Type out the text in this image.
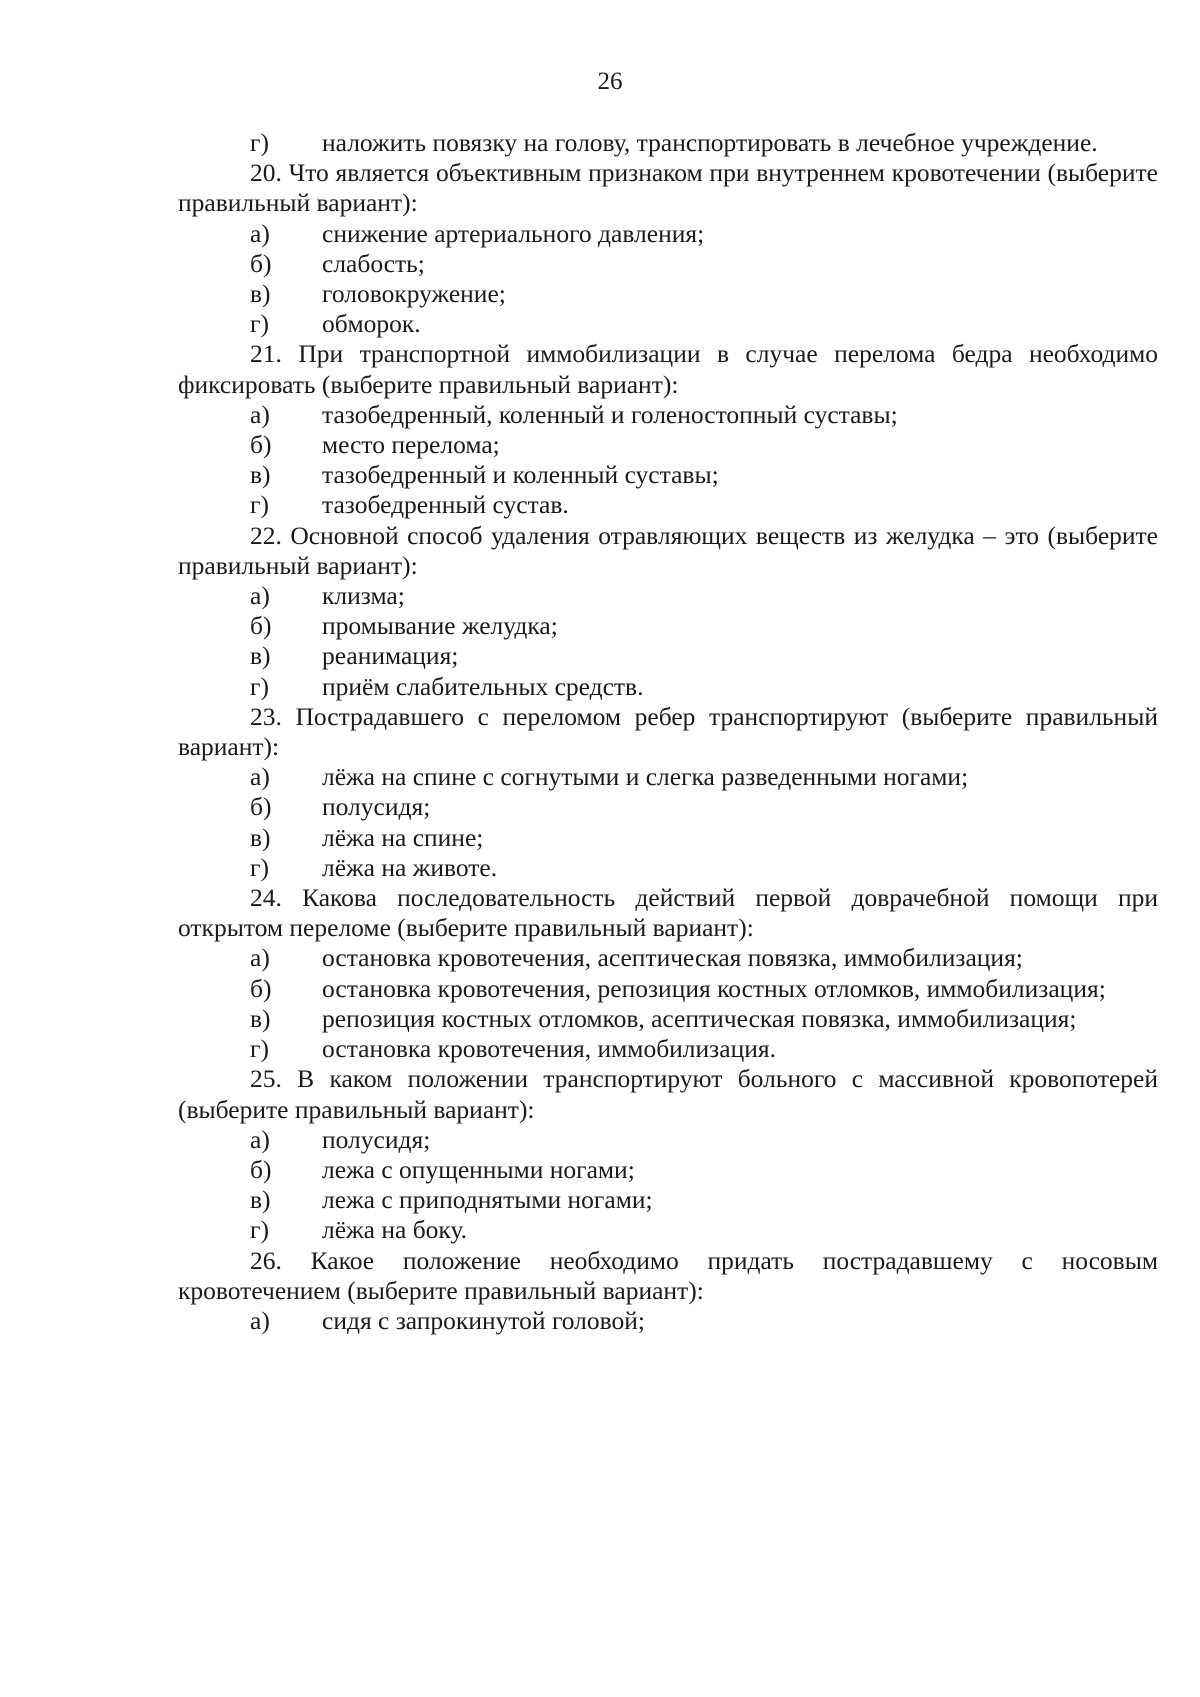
26
г) наложить повязку на голову, транспортировать в лечебное учреждение.
20. Что является объективным признаком при внутреннем кровотечении (выберите правильный вариант):
а)	снижение артериального давления;
б)	слабость;
в)	головокружение;
г)	обморок.
21. При транспортной иммобилизации в случае перелома бедра необходимо фиксировать (выберите правильный вариант):
а)	тазобедренный, коленный и голеностопный суставы;
б)	место перелома;
в)	тазобедренный и коленный суставы;
г)	тазобедренный сустав.
22. Основной способ удаления отравляющих веществ из желудка – это (выберите правильный вариант):
а)	клизма;
б)	промывание желудка;
в)	реанимация;
г)	приём слабительных средств.
23. Пострадавшего с переломом ребер транспортируют (выберите правильный вариант):
а)	лёжа на спине с согнутыми и слегка разведенными ногами;
б)	полусидя;
в)	лёжа на спине;
г)	лёжа на животе.
24. Какова последовательность действий первой доврачебной помощи при открытом переломе (выберите правильный вариант):
а)	остановка кровотечения, асептическая повязка, иммобилизация;
б) остановка кровотечения, репозиция костных отломков, иммобилизация;
в) репозиция костных отломков, асептическая повязка, иммобилизация;
г)	остановка кровотечения, иммобилизация.
25. В каком положении транспортируют больного с массивной кровопотерей (выберите правильный вариант):
а)	полусидя;
б)	лежа с опущенными ногами;
в)	лежа с приподнятыми ногами;
г)	лёжа на боку.
26. Какое положение необходимо придать пострадавшему с носовым кровотечением (выберите правильный вариант):
а)	сидя с запрокинутой головой;
